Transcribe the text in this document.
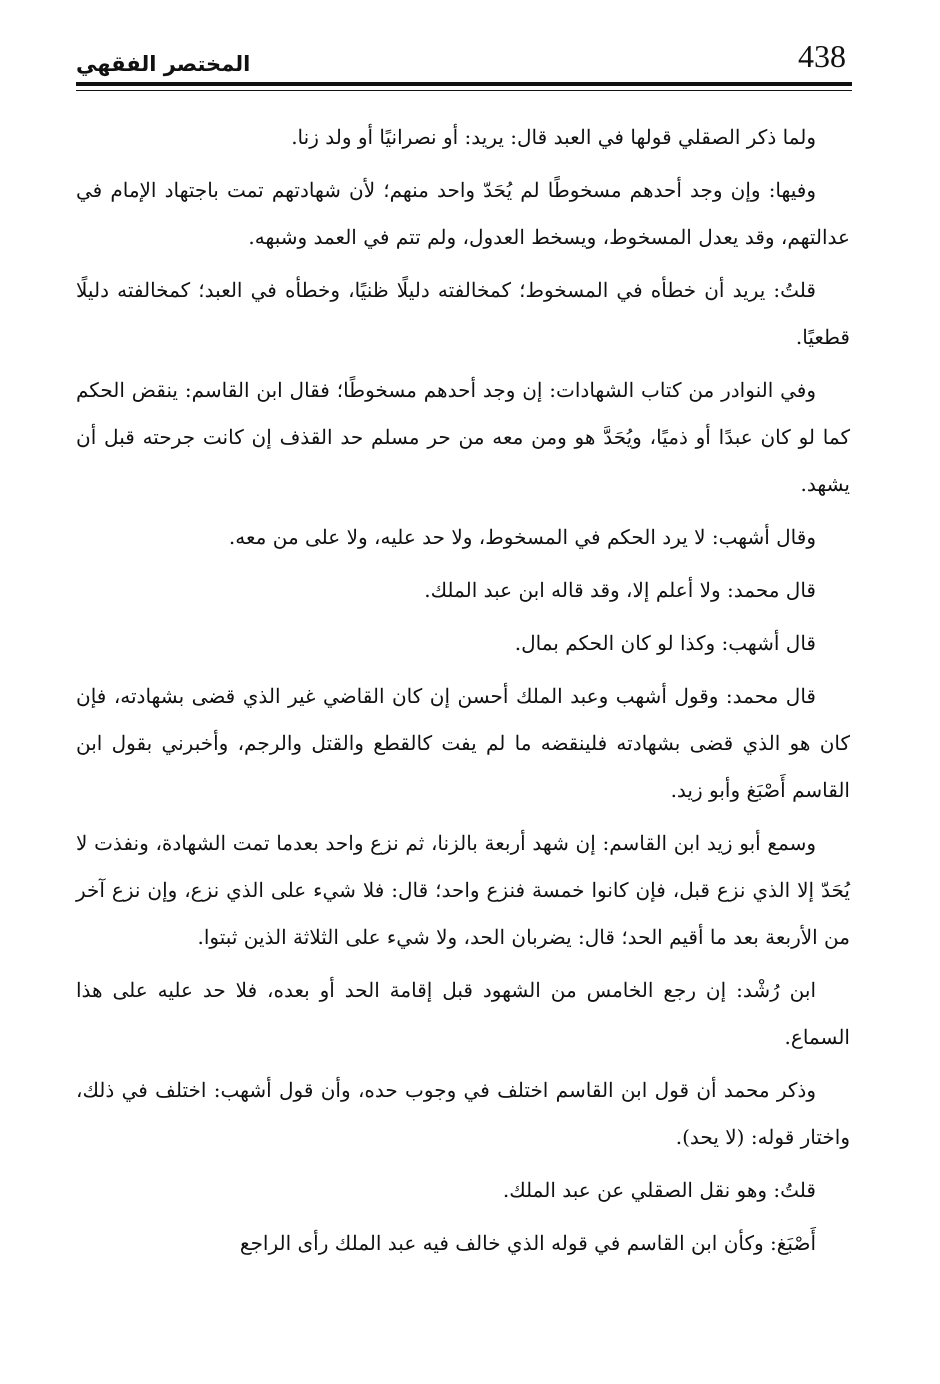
438
المختصر الفقهي

ولما ذكر الصقلي قولها في العبد قال: يريد: أو نصرانيًا أو ولد زنا.

وفيها: وإن وجد أحدهم مسخوطًا لم يُحَدّ واحد منهم؛ لأن شهادتهم تمت باجتهاد الإمام في عدالتهم، وقد يعدل المسخوط، ويسخط العدول، ولم تتم في العمد وشبهه.

قلتُ: يريد أن خطأه في المسخوط؛ كمخالفته دليلًا ظنيًا، وخطأه في العبد؛ كمخالفته دليلًا قطعيًا.

وفي النوادر من كتاب الشهادات: إن وجد أحدهم مسخوطًا؛ فقال ابن القاسم: ينقض الحكم كما لو كان عبدًا أو ذميًا، ويُحَدَّ هو ومن معه من حر مسلم حد القذف إن كانت جرحته قبل أن يشهد.

وقال أشهب: لا يرد الحكم في المسخوط، ولا حد عليه، ولا على من معه.

قال محمد: ولا أعلم إلا، وقد قاله ابن عبد الملك.

قال أشهب: وكذا لو كان الحكم بمال.

قال محمد: وقول أشهب وعبد الملك أحسن إن كان القاضي غير الذي قضى بشهادته، فإن كان هو الذي قضى بشهادته فلينقضه ما لم يفت كالقطع والقتل والرجم، وأخبرني بقول ابن القاسم أَصْبَغ وأبو زيد.

وسمع أبو زيد ابن القاسم: إن شهد أربعة بالزنا، ثم نزع واحد بعدما تمت الشهادة، ونفذت لا يُحَدّ إلا الذي نزع قبل، فإن كانوا خمسة فنزع واحد؛ قال: فلا شيء على الذي نزع، وإن نزع آخر من الأربعة بعد ما أقيم الحد؛ قال: يضربان الحد، ولا شيء على الثلاثة الذين ثبتوا.

ابن رُشْد: إن رجع الخامس من الشهود قبل إقامة الحد أو بعده، فلا حد عليه على هذا السماع.

وذكر محمد أن قول ابن القاسم اختلف في وجوب حده، وأن قول أشهب: اختلف في ذلك، واختار قوله: (لا يحد).

قلتُ: وهو نقل الصقلي عن عبد الملك.

أَصْبَغ: وكأن ابن القاسم في قوله الذي خالف فيه عبد الملك رأى الراجع
